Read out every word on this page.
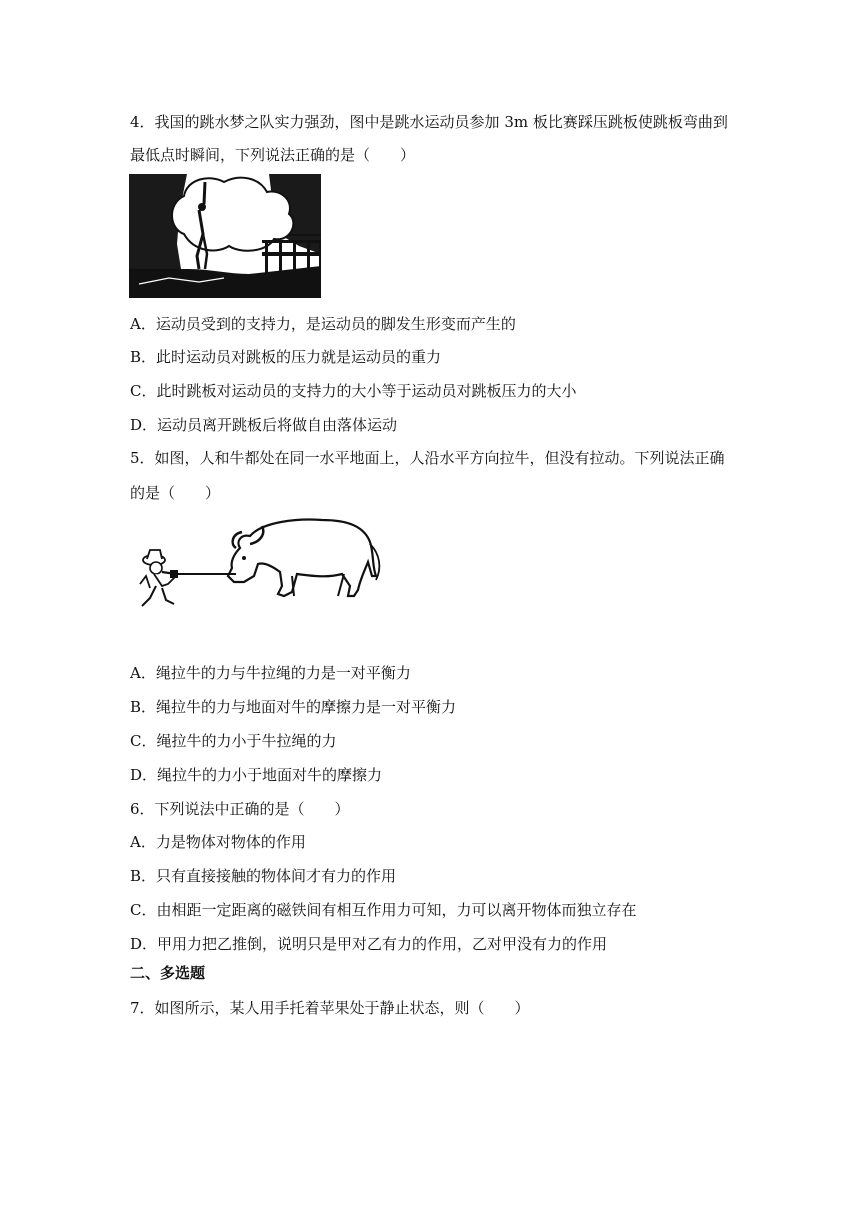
4．我国的跳水梦之队实力强劲，图中是跳水运动员参加 3m 板比赛踩压跳板使跳板弯曲到
最低点时瞬间，下列说法正确的是（　　）
A．运动员受到的支持力，是运动员的脚发生形变而产生的
B．此时运动员对跳板的压力就是运动员的重力
C．此时跳板对运动员的支持力的大小等于运动员对跳板压力的大小
D．运动员离开跳板后将做自由落体运动
5．如图，人和牛都处在同一水平地面上，人沿水平方向拉牛，但没有拉动。下列说法正确
的是（　　）
A．绳拉牛的力与牛拉绳的力是一对平衡力
B．绳拉牛的力与地面对牛的摩擦力是一对平衡力
C．绳拉牛的力小于牛拉绳的力
D．绳拉牛的力小于地面对牛的摩擦力
6．下列说法中正确的是（　　）
A．力是物体对物体的作用
B．只有直接接触的物体间才有力的作用
C．由相距一定距离的磁铁间有相互作用力可知，力可以离开物体而独立存在
D．甲用力把乙推倒，说明只是甲对乙有力的作用，乙对甲没有力的作用
二、多选题
7．如图所示，某人用手托着苹果处于静止状态，则（　　）
